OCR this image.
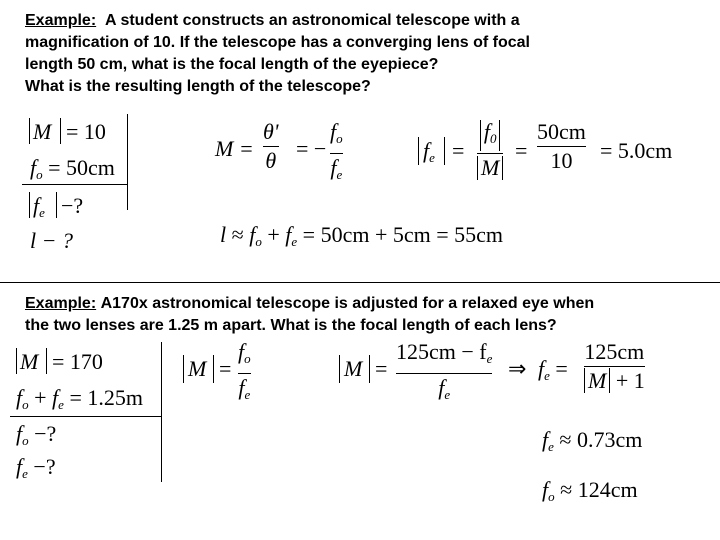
Example: A student constructs an astronomical telescope with a
magnification of 10. If the telescope has a converging lens of focal
length 50 cm, what is the focal length of the eyepiece?
What is the resulting length of the telescope?
M = 10
$f_o = 50cm$
$f_e$ −?
l − ?
M =
θ'
θ = −
$f_o$
$f_e$
$f_e$ =
$f_0$
M
=
50cm
10 = 5.0cm
$l \approx f_o + f_e = 50cm + 5cm = 55cm$
Example: A170x astronomical telescope is adjusted for a relaxed eye when
the two lenses are 1.25 m apart. What is the focal length of each lens?
M = 170
$f_o + f_e = 1.25m$
$f_o$ −?
$f_e$ −?
M =
$f_o$
$f_e$
M =
$125cm - f_e$
$f_e$
⇒ $f_e$ =
125cm
M + 1
$f_e \approx 0.73cm$
$f_o \approx 124cm$
